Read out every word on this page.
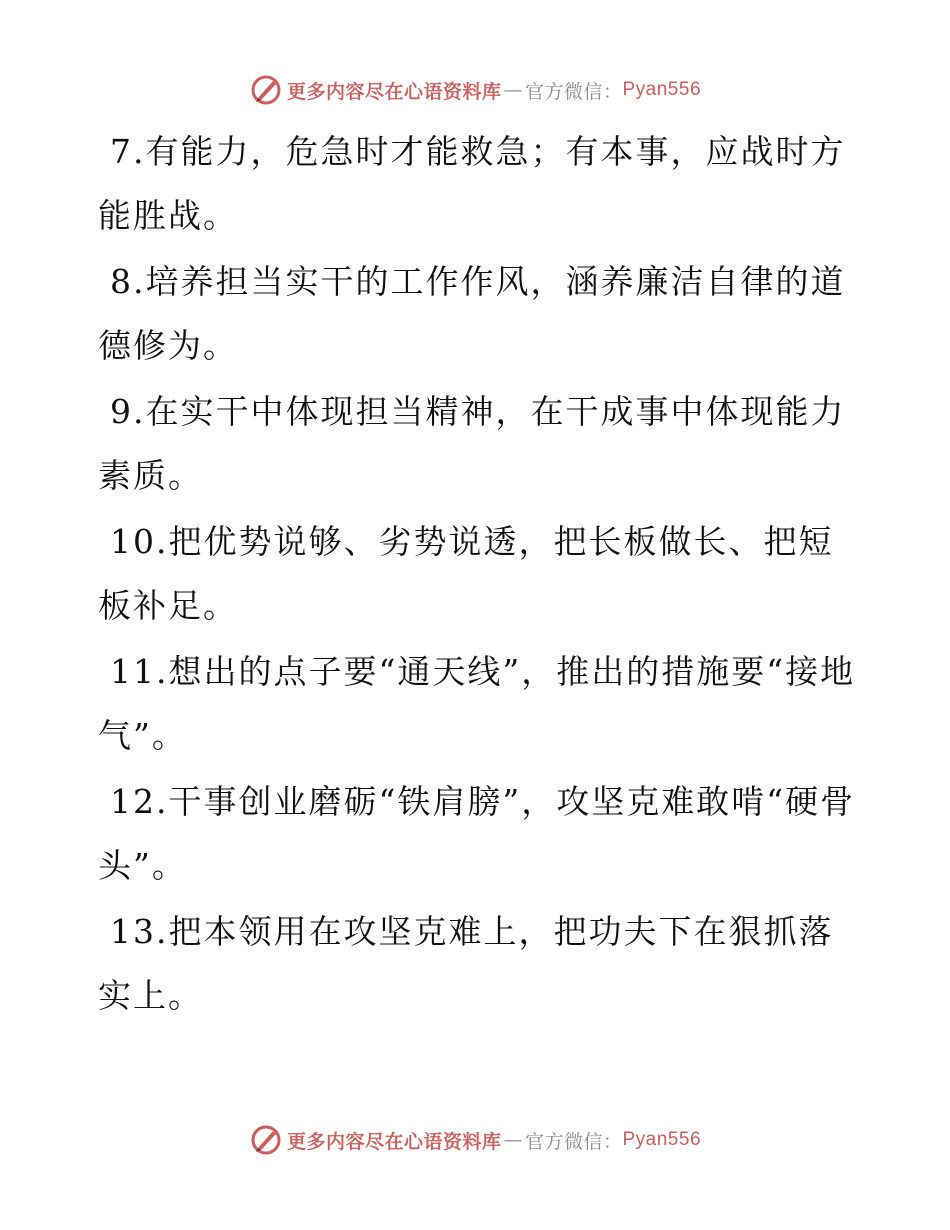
更多内容尽在心语资料库 — 官方微信： Pyan556

7.有能力，危急时才能救急；有本事，应战时方能胜战。

8.培养担当实干的工作作风，涵养廉洁自律的道德修为。

9.在实干中体现担当精神，在干成事中体现能力素质。

10.把优势说够、劣势说透，把长板做长、把短板补足。

11.想出的点子要“通天线”，推出的措施要“接地气”。

12.干事创业磨砺“铁肩膀”，攻坚克难敢啃“硬骨头”。

13.把本领用在攻坚克难上，把功夫下在狠抓落实上。

更多内容尽在心语资料库 — 官方微信： Pyan556
